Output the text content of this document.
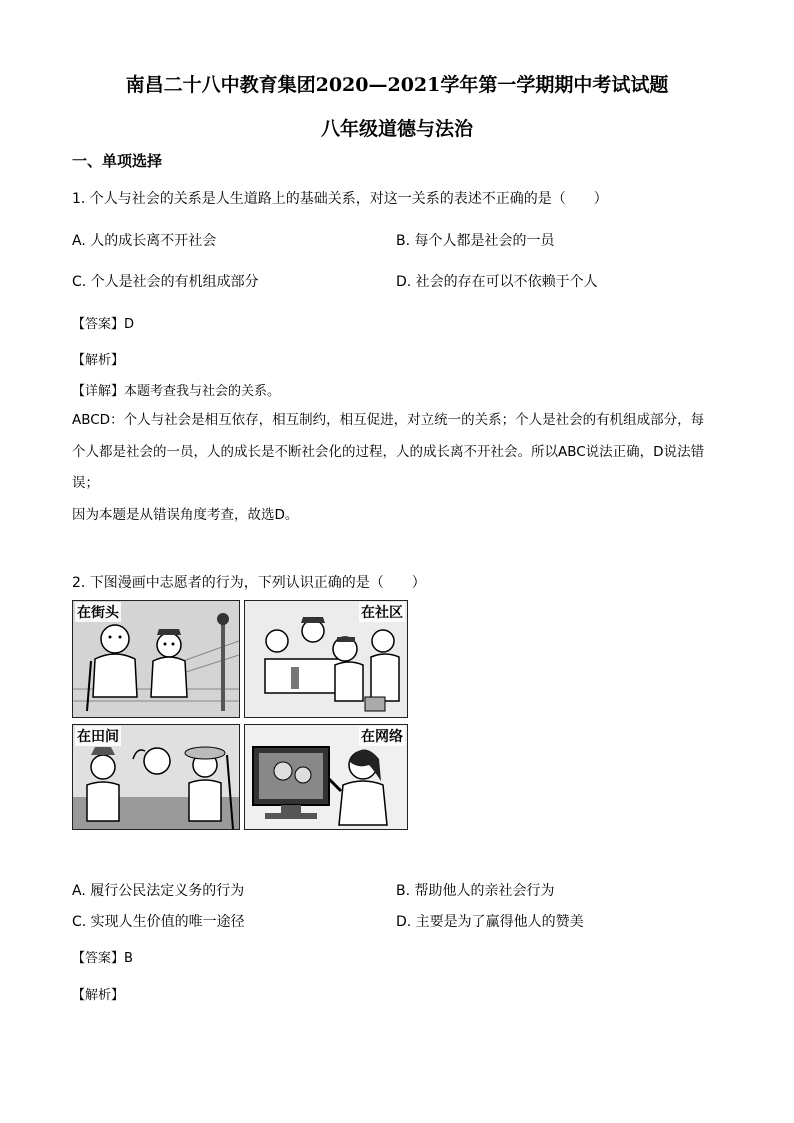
南昌二十八中教育集团2020—2021学年第一学期期中考试试题
八年级道德与法治
一、单项选择
1. 个人与社会的关系是人生道路上的基础关系，对这一关系的表述不正确的是（　　）
A. 人的成长离不开社会	B. 每个人都是社会的一员
C. 个人是社会的有机组成部分	D. 社会的存在可以不依赖于个人
【答案】D
【解析】
【详解】本题考查我与社会的关系。
ABCD：个人与社会是相互依存，相互制约，相互促进，对立统一的关系；个人是社会的有机组成部分，每
个人都是社会的一员，人的成长是不断社会化的过程，人的成长离不开社会。所以ABC说法正确，D说法错
误；
因为本题是从错误角度考查，故选D。
2. 下图漫画中志愿者的行为，下列认识正确的是（　　）
在街头	在社区
在田间	在网络
A. 履行公民法定义务的行为	B. 帮助他人的亲社会行为
C. 实现人生价值的唯一途径	D. 主要是为了赢得他人的赞美
【答案】B
【解析】
